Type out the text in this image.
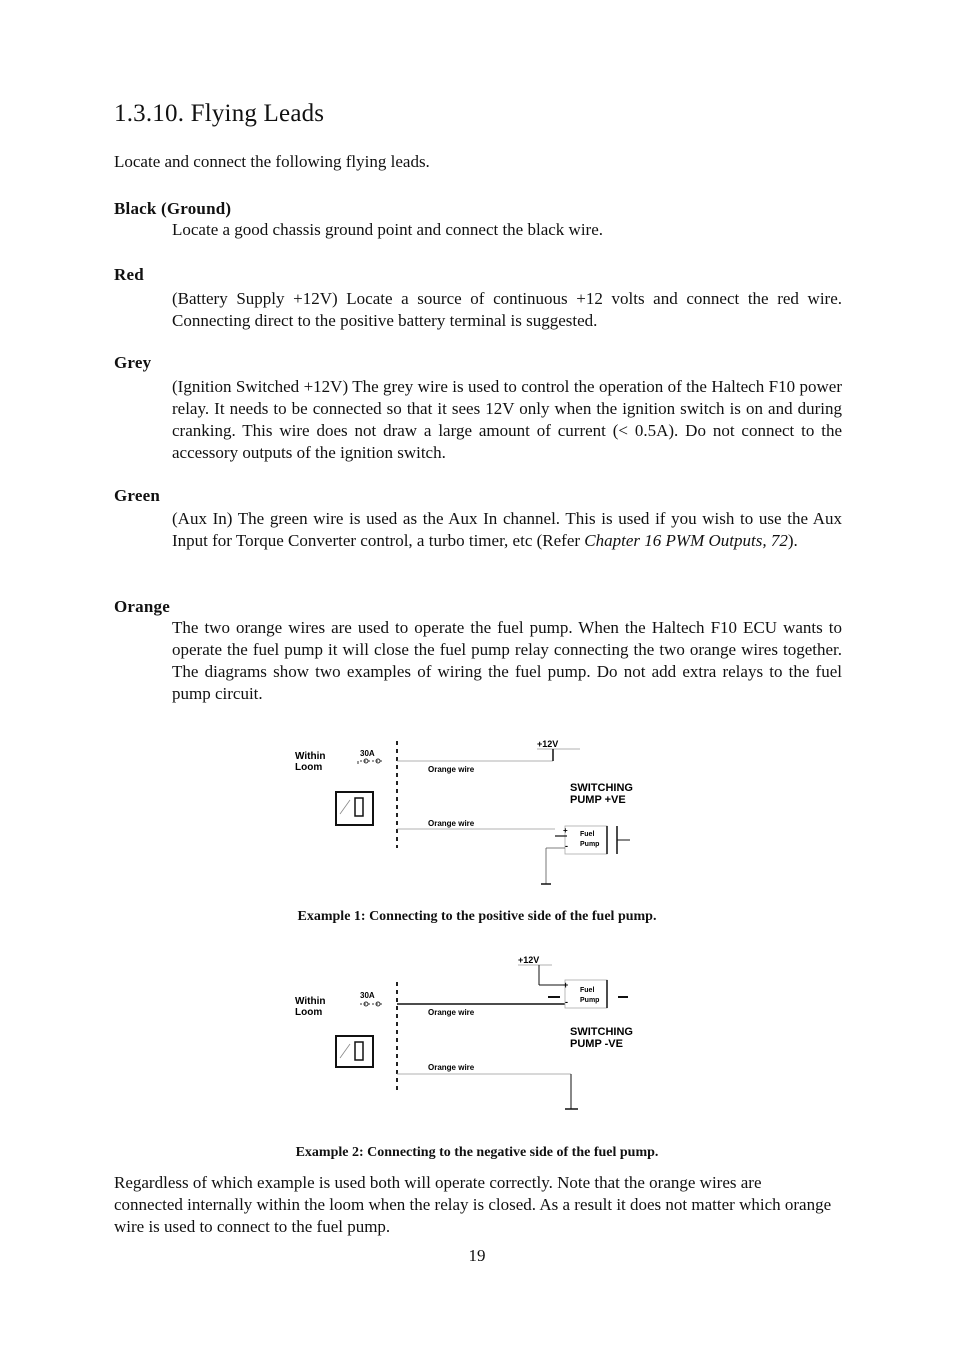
1.3.10. Flying Leads

Locate and connect the following flying leads.

Black (Ground)

Locate a good chassis ground point and connect the black wire.

Red

(Battery Supply +12V) Locate a source of continuous +12 volts and connect the red wire. Connecting direct to the positive battery terminal is suggested.

Grey

(Ignition Switched +12V) The grey wire is used to control the operation of the Haltech F10 power relay. It needs to be connected so that it sees 12V only when the ignition switch is on and during cranking. This wire does not draw a large amount of current (< 0.5A). Do not connect to the accessory outputs of the ignition switch.

Green

(Aux In) The green wire is used as the Aux In channel. This is used if you wish to use the Aux Input for Torque Converter control, a turbo timer, etc (Refer Chapter 16 PWM Outputs, 72).

Orange

The two orange wires are used to operate the fuel pump. When the Haltech F10 ECU wants to operate the fuel pump it will close the fuel pump relay connecting the two orange wires together. The diagrams show two examples of wiring the fuel pump. Do not add extra relays to the fuel pump circuit.

Within Loom
30A
Orange wire
+12V
SWITCHING
PUMP +VE
Orange wire
Fuel
Pump
+
-

Example 1: Connecting to the positive side of the fuel pump.

Within Loom
30A
Orange wire
+12V
Fuel
Pump
+
-
SWITCHING
PUMP -VE
Orange wire

Example 2: Connecting to the negative side of the fuel pump.

Regardless of which example is used both will operate correctly. Note that the orange wires are connected internally within the loom when the relay is closed. As a result it does not matter which orange wire is used to connect to the fuel pump.

19
